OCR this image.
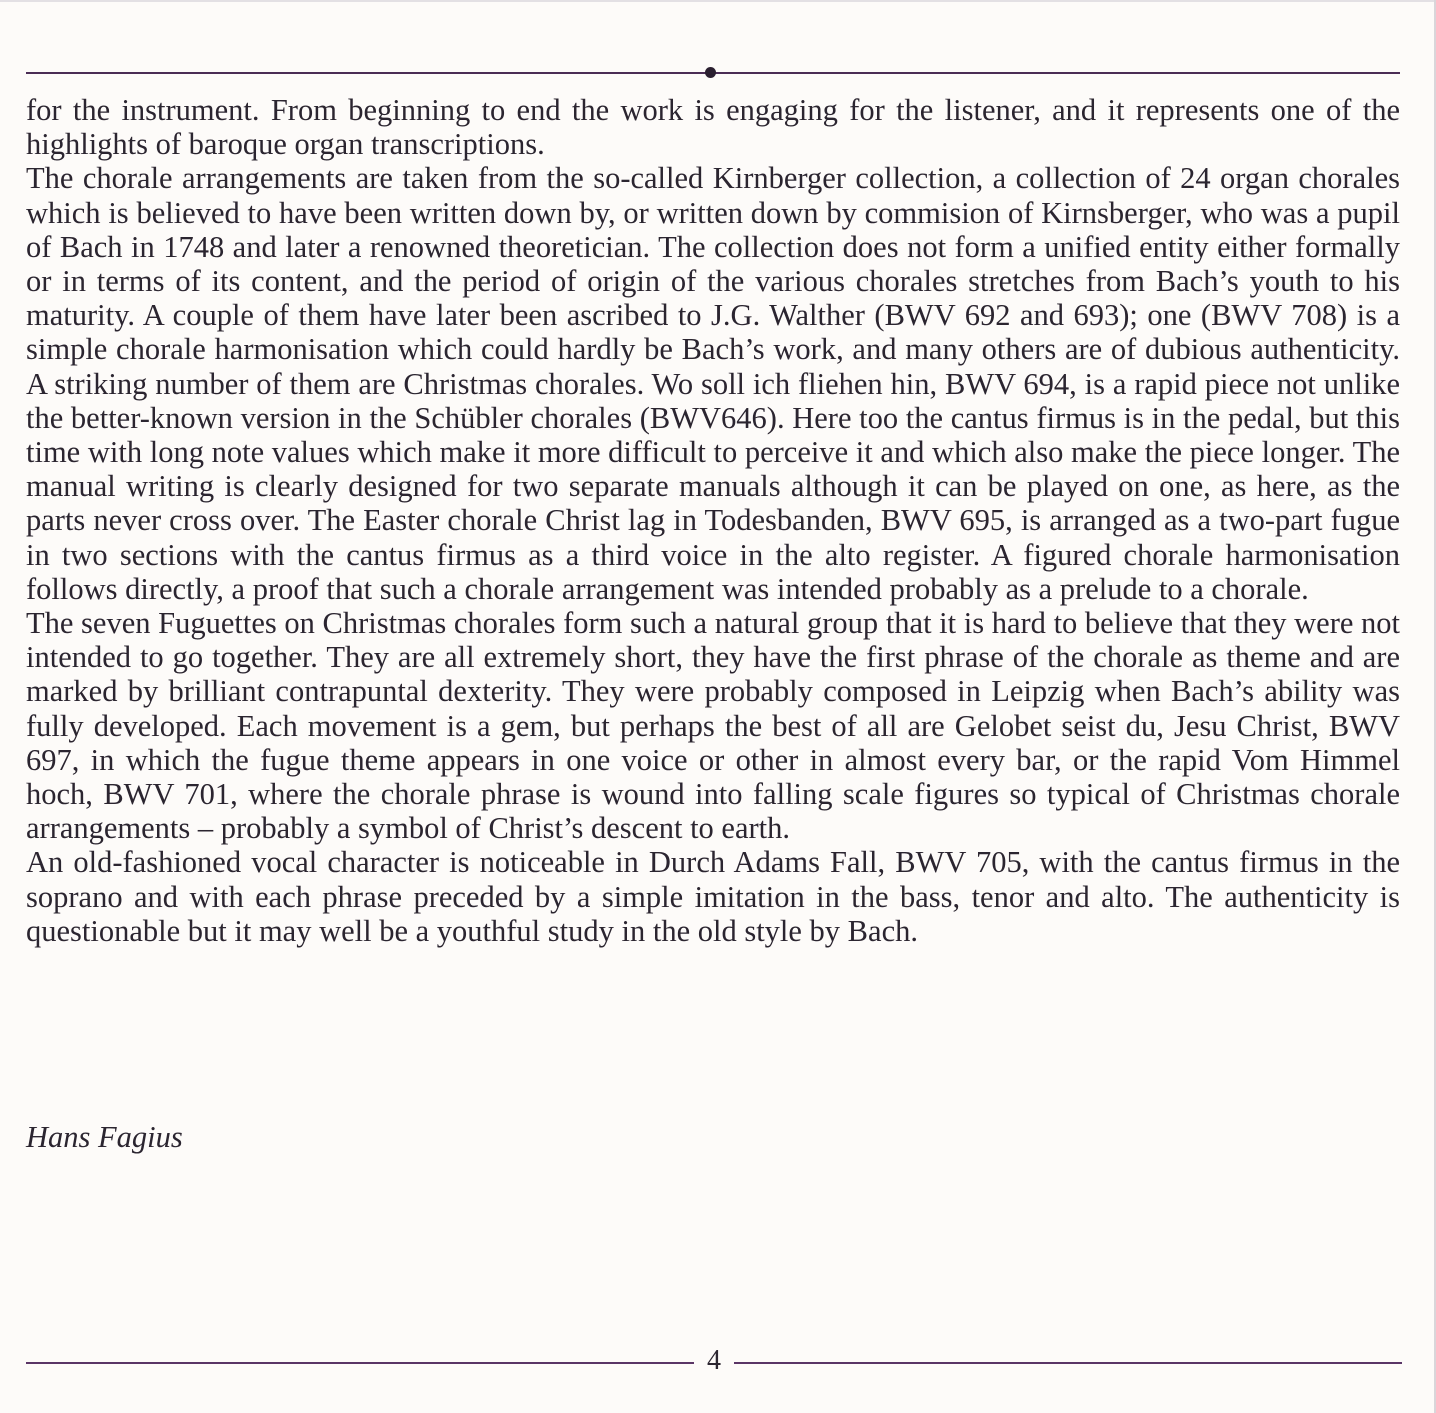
for the instrument. From beginning to end the work is engaging for the listener, and it represents one of the highlights of baroque organ transcriptions.

The chorale arrangements are taken from the so-called Kirnberger collection, a collection of 24 organ chorales which is believed to have been written down by, or written down by commision of Kirnsberger, who was a pupil of Bach in 1748 and later a renowned theoretician. The collection does not form a unified entity either formally or in terms of its content, and the period of origin of the various chorales stretches from Bach’s youth to his maturity. A couple of them have later been ascribed to J.G. Walther (BWV 692 and 693); one (BWV 708) is a simple chorale harmonisation which could hardly be Bach’s work, and many others are of dubious authenticity. A striking number of them are Christmas chorales. Wo soll ich fliehen hin, BWV 694, is a rapid piece not unlike the better-known version in the Schübler chorales (BWV646). Here too the cantus firmus is in the pedal, but this time with long note values which make it more difficult to perceive it and which also make the piece longer. The manual writing is clearly designed for two separate manuals although it can be played on one, as here, as the parts never cross over. The Easter chorale Christ lag in Todesbanden, BWV 695, is arranged as a two-part fugue in two sections with the cantus firmus as a third voice in the alto register. A figured chorale harmonisation follows directly, a proof that such a chorale arrangement was intended probably as a prelude to a chorale.

The seven Fuguettes on Christmas chorales form such a natural group that it is hard to believe that they were not intended to go together. They are all extremely short, they have the first phrase of the chorale as theme and are marked by brilliant contrapuntal dexterity. They were probably composed in Leipzig when Bach’s ability was fully developed. Each movement is a gem, but perhaps the best of all are Gelobet seist du, Jesu Christ, BWV 697, in which the fugue theme appears in one voice or other in almost every bar, or the rapid Vom Himmel hoch, BWV 701, where the chorale phrase is wound into falling scale figures so typical of Christmas chorale arrangements – probably a symbol of Christ’s descent to earth.

An old-fashioned vocal character is noticeable in Durch Adams Fall, BWV 705, with the cantus firmus in the soprano and with each phrase preceded by a simple imitation in the bass, tenor and alto. The authenticity is questionable but it may well be a youthful study in the old style by Bach.

Hans Fagius
4
